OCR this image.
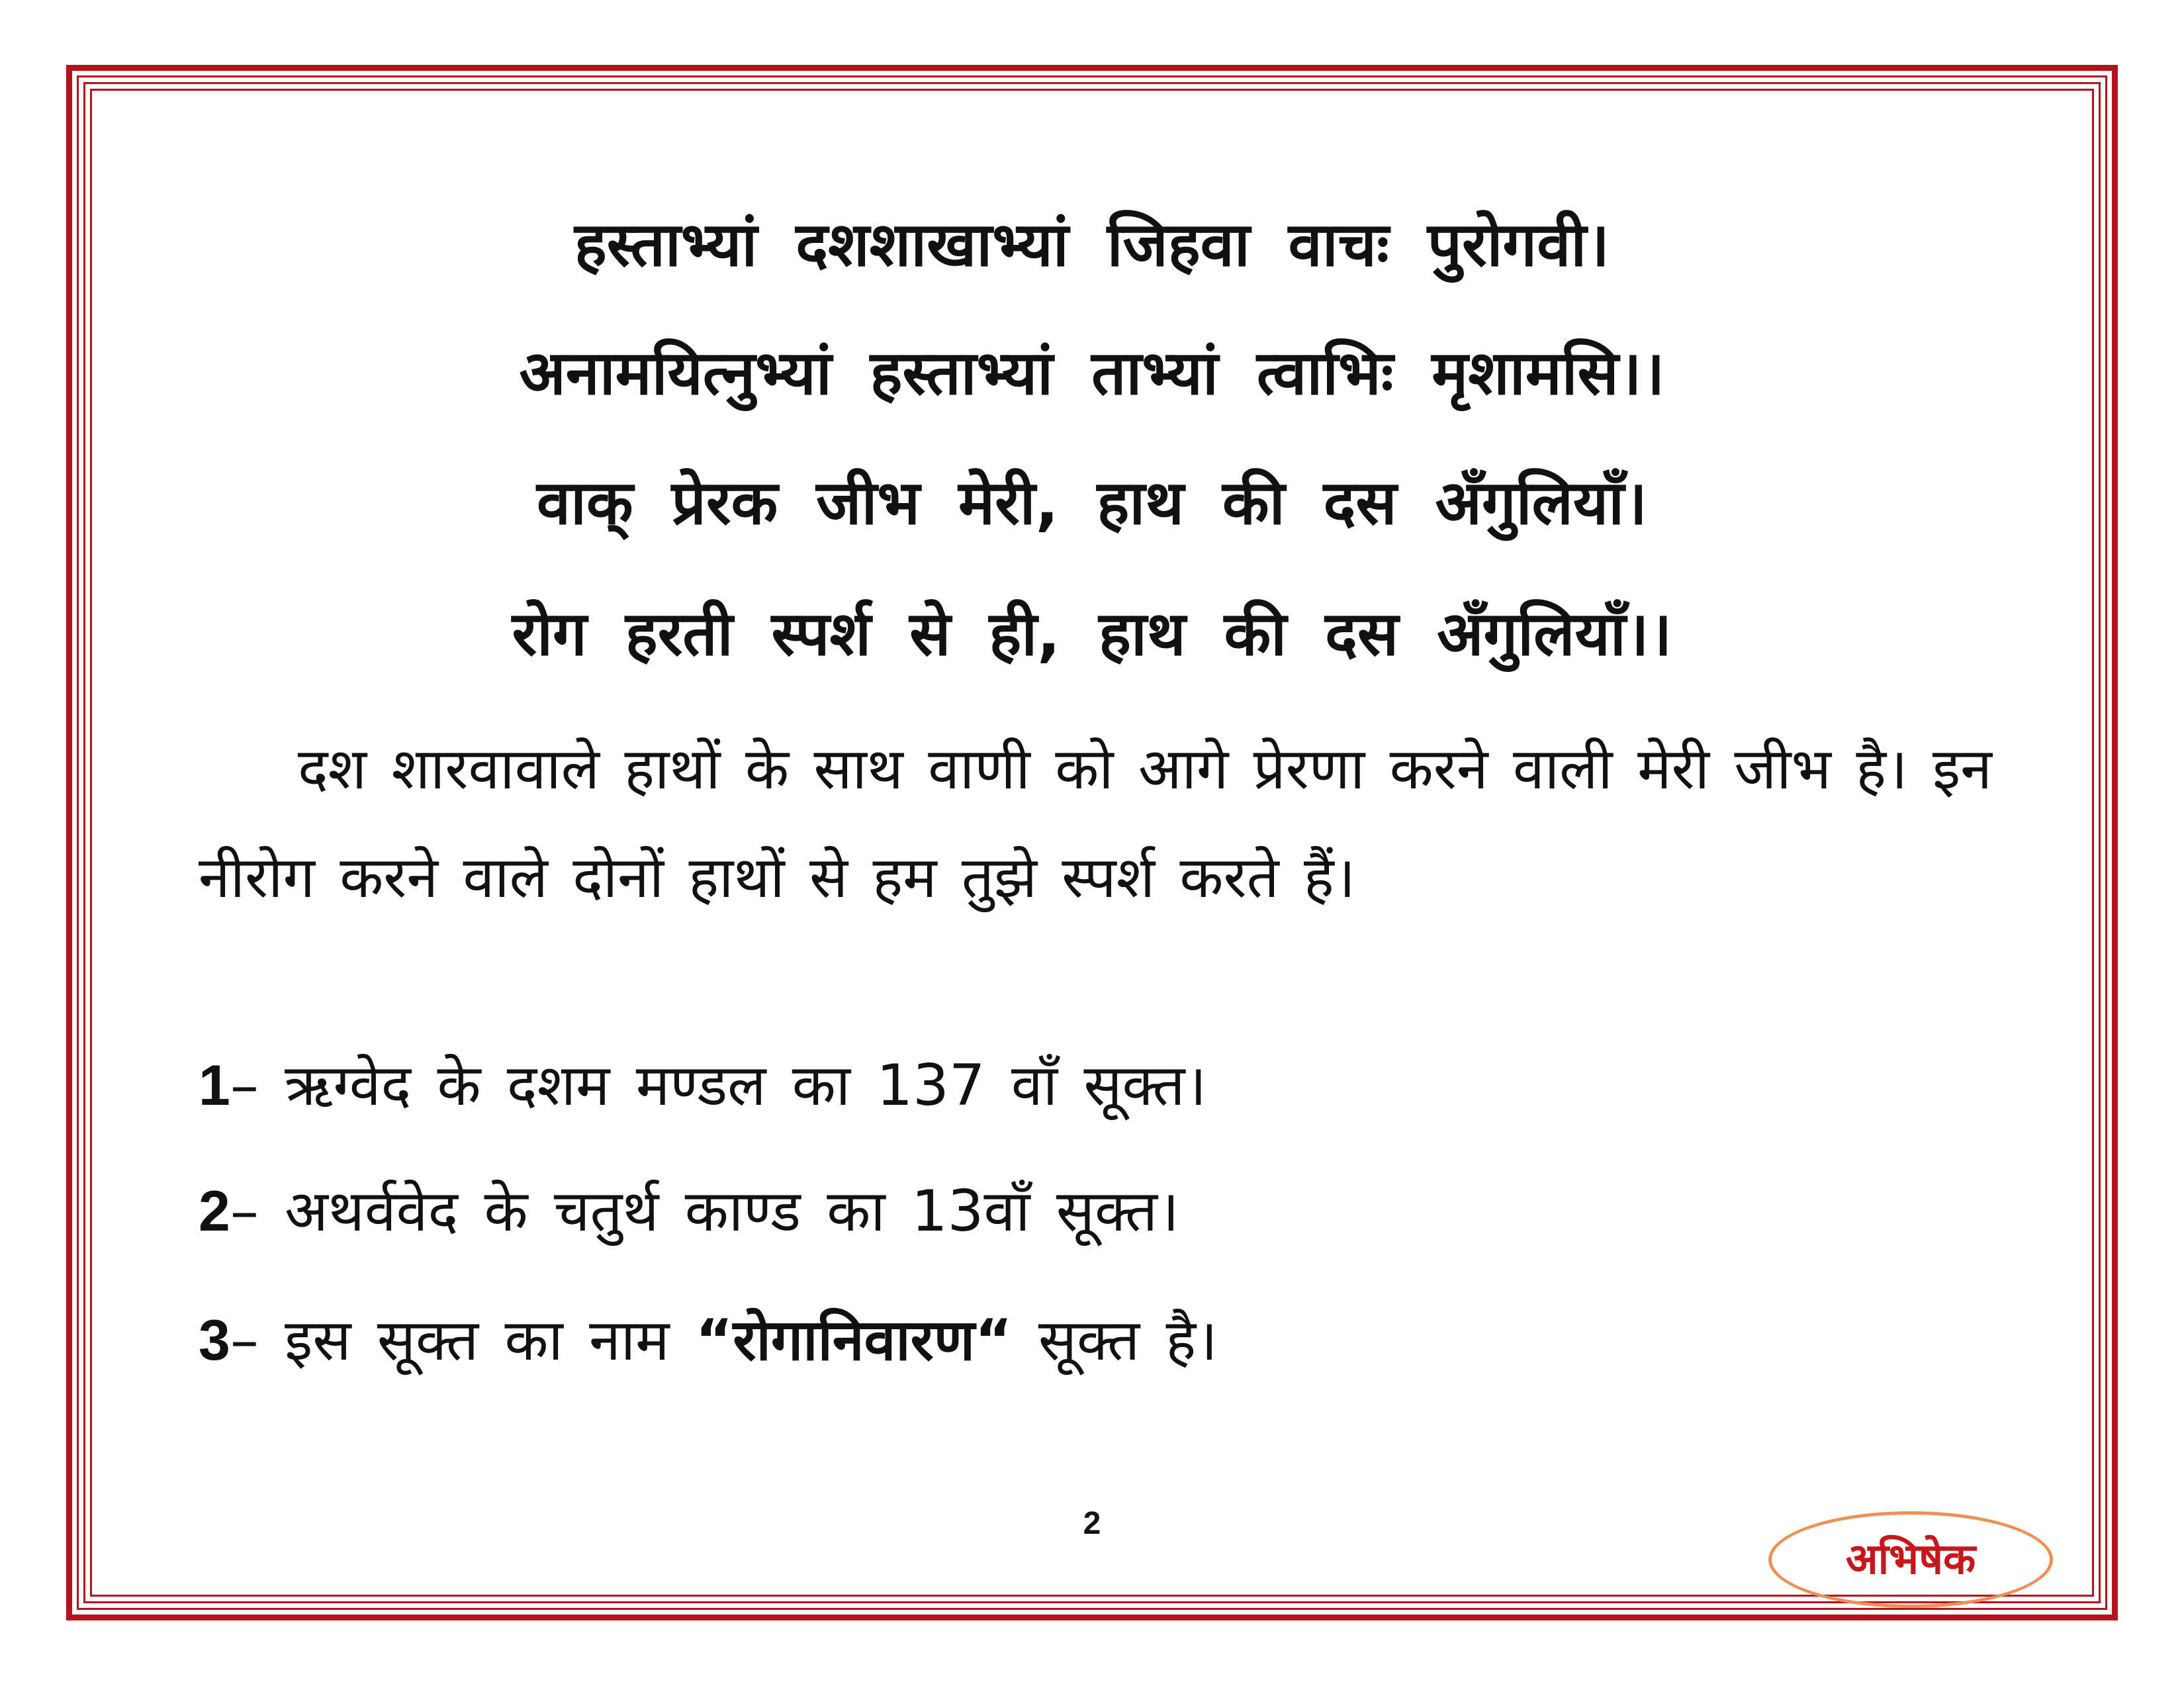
हस्ताभ्यां दशशाखाभ्यां जिहवा वाचः पुरोगवी।
अनामयित्नुभ्यां हस्ताभ्यां ताभ्यां त्वाभिः मृशामसि।।
वाक् प्रेरक जीभ मेरी, हाथ की दस अँगुलियाँ।
रोग हरती स्पर्श से ही, हाथ की दस अँगुलियाँ।।
दश शारवावाले हाथों के साथ वाणी को आगे प्रेरणा करने वाली मेरी जीभ है। इन नीरोग करने वाले दोनों हाथों से हम तुझे स्पर्श करते हैं।
1– ऋग्वेद के दशम मण्डल का 137 वाँ सूक्त।
2– अथर्ववेद के चतुर्थ काण्ड का 13वाँ सूक्त।
3– इस सूक्त का नाम “रोगानिवारण“ सूक्त है।
2
अभिषेक
